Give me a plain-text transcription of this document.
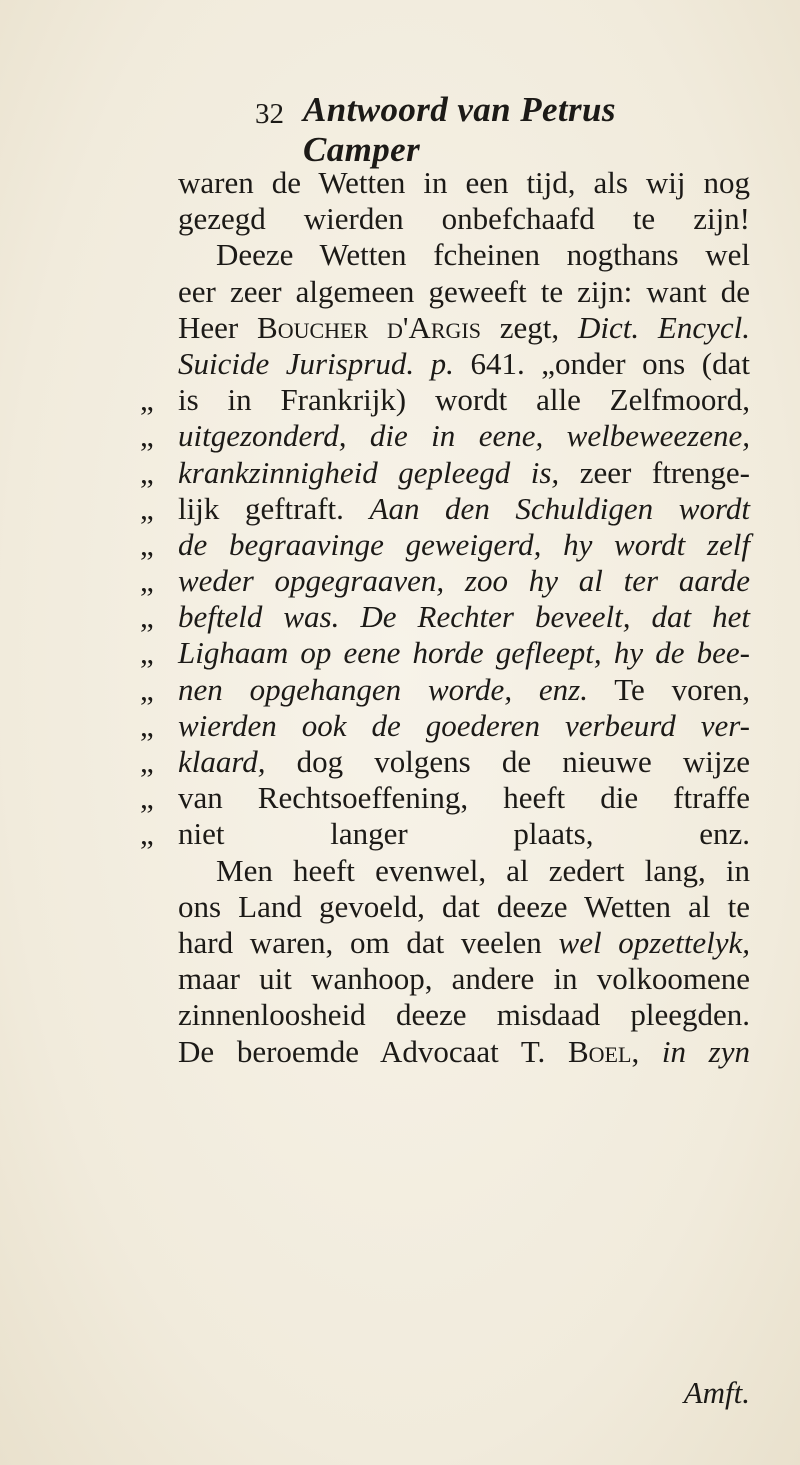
32 Antwoord van Petrus Camper
waren de Wetten in een tijd, als wij nog
gezegd wierden onbefchaafd te zijn!
Deeze Wetten fcheinen nogthans wel
eer zeer algemeen geweeft te zijn: want de
Heer Boucher d'Argis zegt, Dict. Encycl.
Suicide Jurisprud. p. 641. „onder ons (dat
„ is in Frankrijk) wordt alle Zelfmoord,
„ uitgezonderd, die in eene, welbeweezene,
„ krankzinnigheid gepleegd is, zeer ftrenge-
„ lijk geftraft. Aan den Schuldigen wordt
„ de begraavinge geweigerd, hy wordt zelf
„ weder opgegraaven, zoo hy al ter aarde
„ befteld was. De Rechter beveelt, dat het
„ Lighaam op eene horde gefleept, hy de bee-
„ nen opgehangen worde, enz. Te voren,
„ wierden ook de goederen verbeurd ver-
„ klaard, dog volgens de nieuwe wijze
„ van Rechtsoeffening, heeft die ftraffe
„ niet langer plaats, enz.
Men heeft evenwel, al zedert lang, in
ons Land gevoeld, dat deeze Wetten al te
hard waren, om dat veelen wel opzettelyk,
maar uit wanhoop, andere in volkoomene
zinnenloosheid deeze misdaad pleegden.
De beroemde Advocaat T. Boel, in zyn
Amft.
